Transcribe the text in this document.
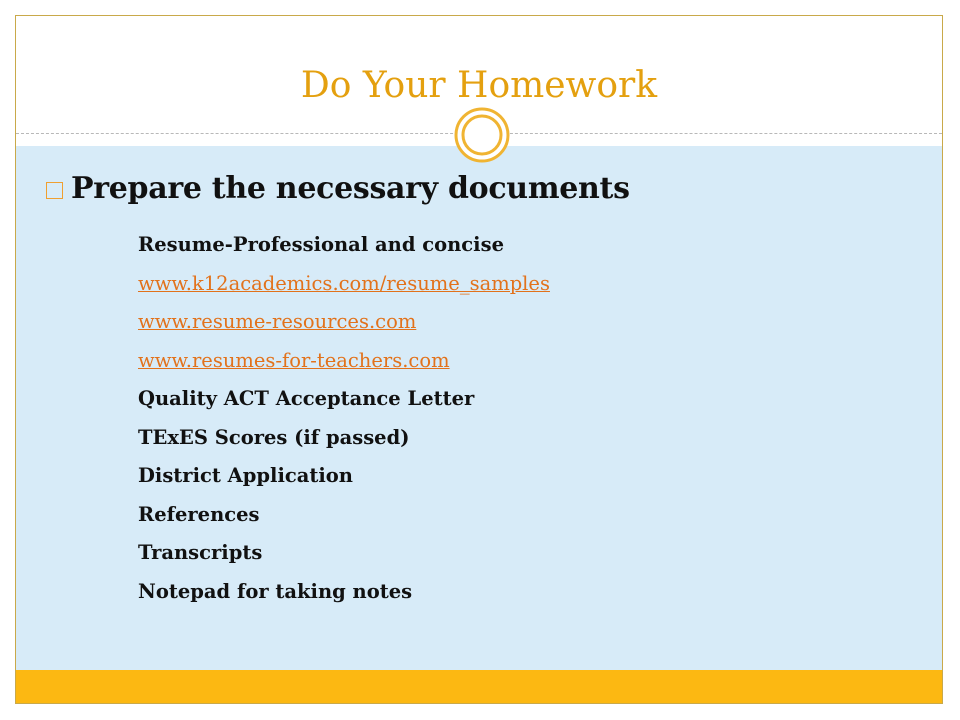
Do Your Homework
Prepare the necessary documents
Resume-Professional and concise
www.k12academics.com/resume_samples
www.resume-resources.com
www.resumes-for-teachers.com
Quality ACT Acceptance Letter
TExES Scores (if passed)
District Application
References
Transcripts
Notepad for taking notes
